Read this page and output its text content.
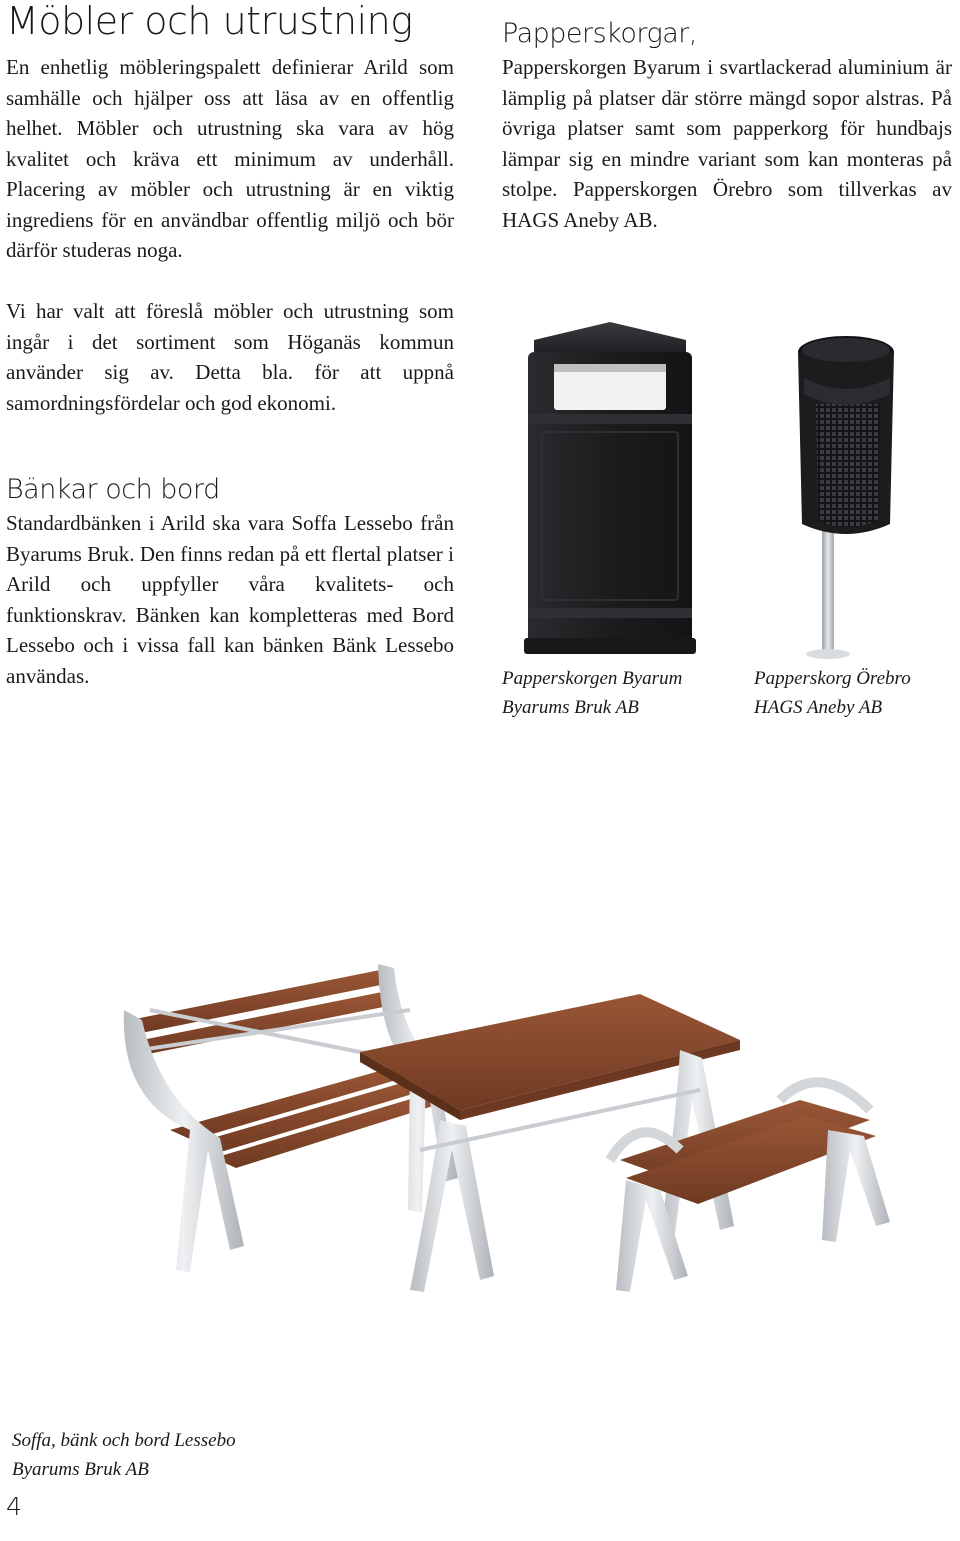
Möbler och utrustning

En enhetlig möbleringspalett definierar Arild som samhälle och hjälper oss att läsa av en offentlig helhet. Möbler och utrustning ska vara av hög kvalitet och kräva ett minimum av underhåll. Placering av möbler och utrustning är en viktig ingrediens för en användbar offentlig miljö och bör därför studeras noga.

Vi har valt att föreslå möbler och utrustning som ingår i det sortiment som Höganäs kommun använder sig av. Detta bla. för att uppnå samordningsfördelar och god ekonomi.

Bänkar och bord

Standardbänken i Arild ska vara Soffa Lessebo från Byarums Bruk. Den finns redan på ett flertal platser i Arild och uppfyller våra kvalitets- och funktionskrav. Bänken kan kompletteras med Bord Lessebo och i vissa fall kan bänken Bänk Lessebo användas.

Papperskorgar,

Papperskorgen Byarum i svartlackerad aluminium är lämplig på platser där större mängd sopor alstras. På övriga platser samt som papperkorg för hundbajs lämpar sig en mindre variant som kan monteras på stolpe. Papperskorgen Örebro som tillverkas av HAGS Aneby AB.

Papperskorgen Byarum
Byarums Bruk AB

Papperskorg Örebro
HAGS Aneby AB

Soffa, bänk och bord Lessebo
Byarums Bruk AB

4
